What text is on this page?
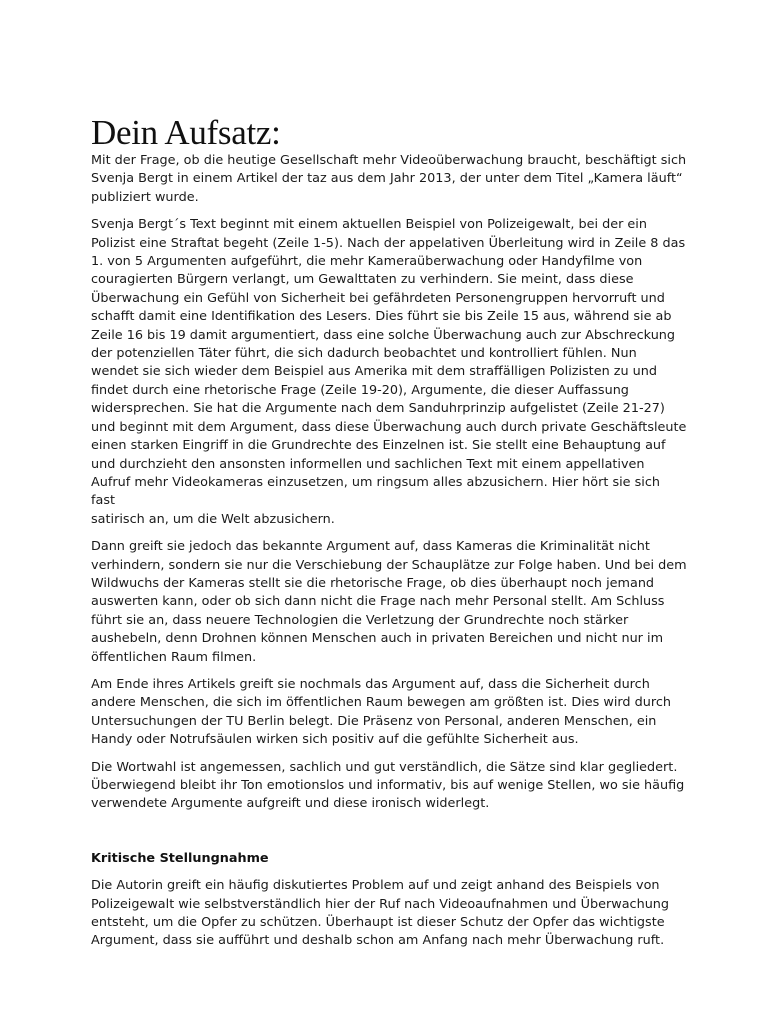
Dein Aufsatz:

Mit der Frage, ob die heutige Gesellschaft mehr Videoüberwachung braucht, beschäftigt sich
Svenja Bergt in einem Artikel der taz aus dem Jahr 2013, der unter dem Titel „Kamera läuft“
publiziert wurde.

Svenja Bergt´s Text beginnt mit einem aktuellen Beispiel von Polizeigewalt, bei der ein
Polizist eine Straftat begeht (Zeile 1-5). Nach der appelativen Überleitung wird in Zeile 8 das
1. von 5 Argumenten aufgeführt, die mehr Kameraüberwachung oder Handyfilme von
couragierten Bürgern verlangt, um Gewalttaten zu verhindern. Sie meint, dass diese
Überwachung ein Gefühl von Sicherheit bei gefährdeten Personengruppen hervorruft und
schafft damit eine Identifikation des Lesers. Dies führt sie bis Zeile 15 aus, während sie ab
Zeile 16 bis 19 damit argumentiert, dass eine solche Überwachung auch zur Abschreckung
der potenziellen Täter führt, die sich dadurch beobachtet und kontrolliert fühlen. Nun
wendet sie sich wieder dem Beispiel aus Amerika mit dem straffälligen Polizisten zu und
findet durch eine rhetorische Frage (Zeile 19-20), Argumente, die dieser Auffassung
widersprechen. Sie hat die Argumente nach dem Sanduhrprinzip aufgelistet (Zeile 21-27)
und beginnt mit dem Argument, dass diese Überwachung auch durch private Geschäftsleute
einen starken Eingriff in die Grundrechte des Einzelnen ist. Sie stellt eine Behauptung auf
und durchzieht den ansonsten informellen und sachlichen Text mit einem appellativen
Aufruf mehr Videokameras einzusetzen, um ringsum alles abzusichern. Hier hört sie sich fast
satirisch an, um die Welt abzusichern.

Dann greift sie jedoch das bekannte Argument auf, dass Kameras die Kriminalität nicht
verhindern, sondern sie nur die Verschiebung der Schauplätze zur Folge haben. Und bei dem
Wildwuchs der Kameras stellt sie die rhetorische Frage, ob dies überhaupt noch jemand
auswerten kann, oder ob sich dann nicht die Frage nach mehr Personal stellt. Am Schluss
führt sie an, dass neuere Technologien die Verletzung der Grundrechte noch stärker
aushebeln, denn Drohnen können Menschen auch in privaten Bereichen und nicht nur im
öffentlichen Raum filmen.

Am Ende ihres Artikels greift sie nochmals das Argument auf, dass die Sicherheit durch
andere Menschen, die sich im öffentlichen Raum bewegen am größten ist. Dies wird durch
Untersuchungen der TU Berlin belegt. Die Präsenz von Personal, anderen Menschen, ein
Handy oder Notrufsäulen wirken sich positiv auf die gefühlte Sicherheit aus.

Die Wortwahl ist angemessen, sachlich und gut verständlich, die Sätze sind klar gegliedert.
Überwiegend bleibt ihr Ton emotionslos und informativ, bis auf wenige Stellen, wo sie häufig
verwendete Argumente aufgreift und diese ironisch widerlegt.

Kritische Stellungnahme

Die Autorin greift ein häufig diskutiertes Problem auf und zeigt anhand des Beispiels von
Polizeigewalt wie selbstverständlich hier der Ruf nach Videoaufnahmen und Überwachung
entsteht, um die Opfer zu schützen. Überhaupt ist dieser Schutz der Opfer das wichtigste
Argument, dass sie aufführt und deshalb schon am Anfang nach mehr Überwachung ruft.
